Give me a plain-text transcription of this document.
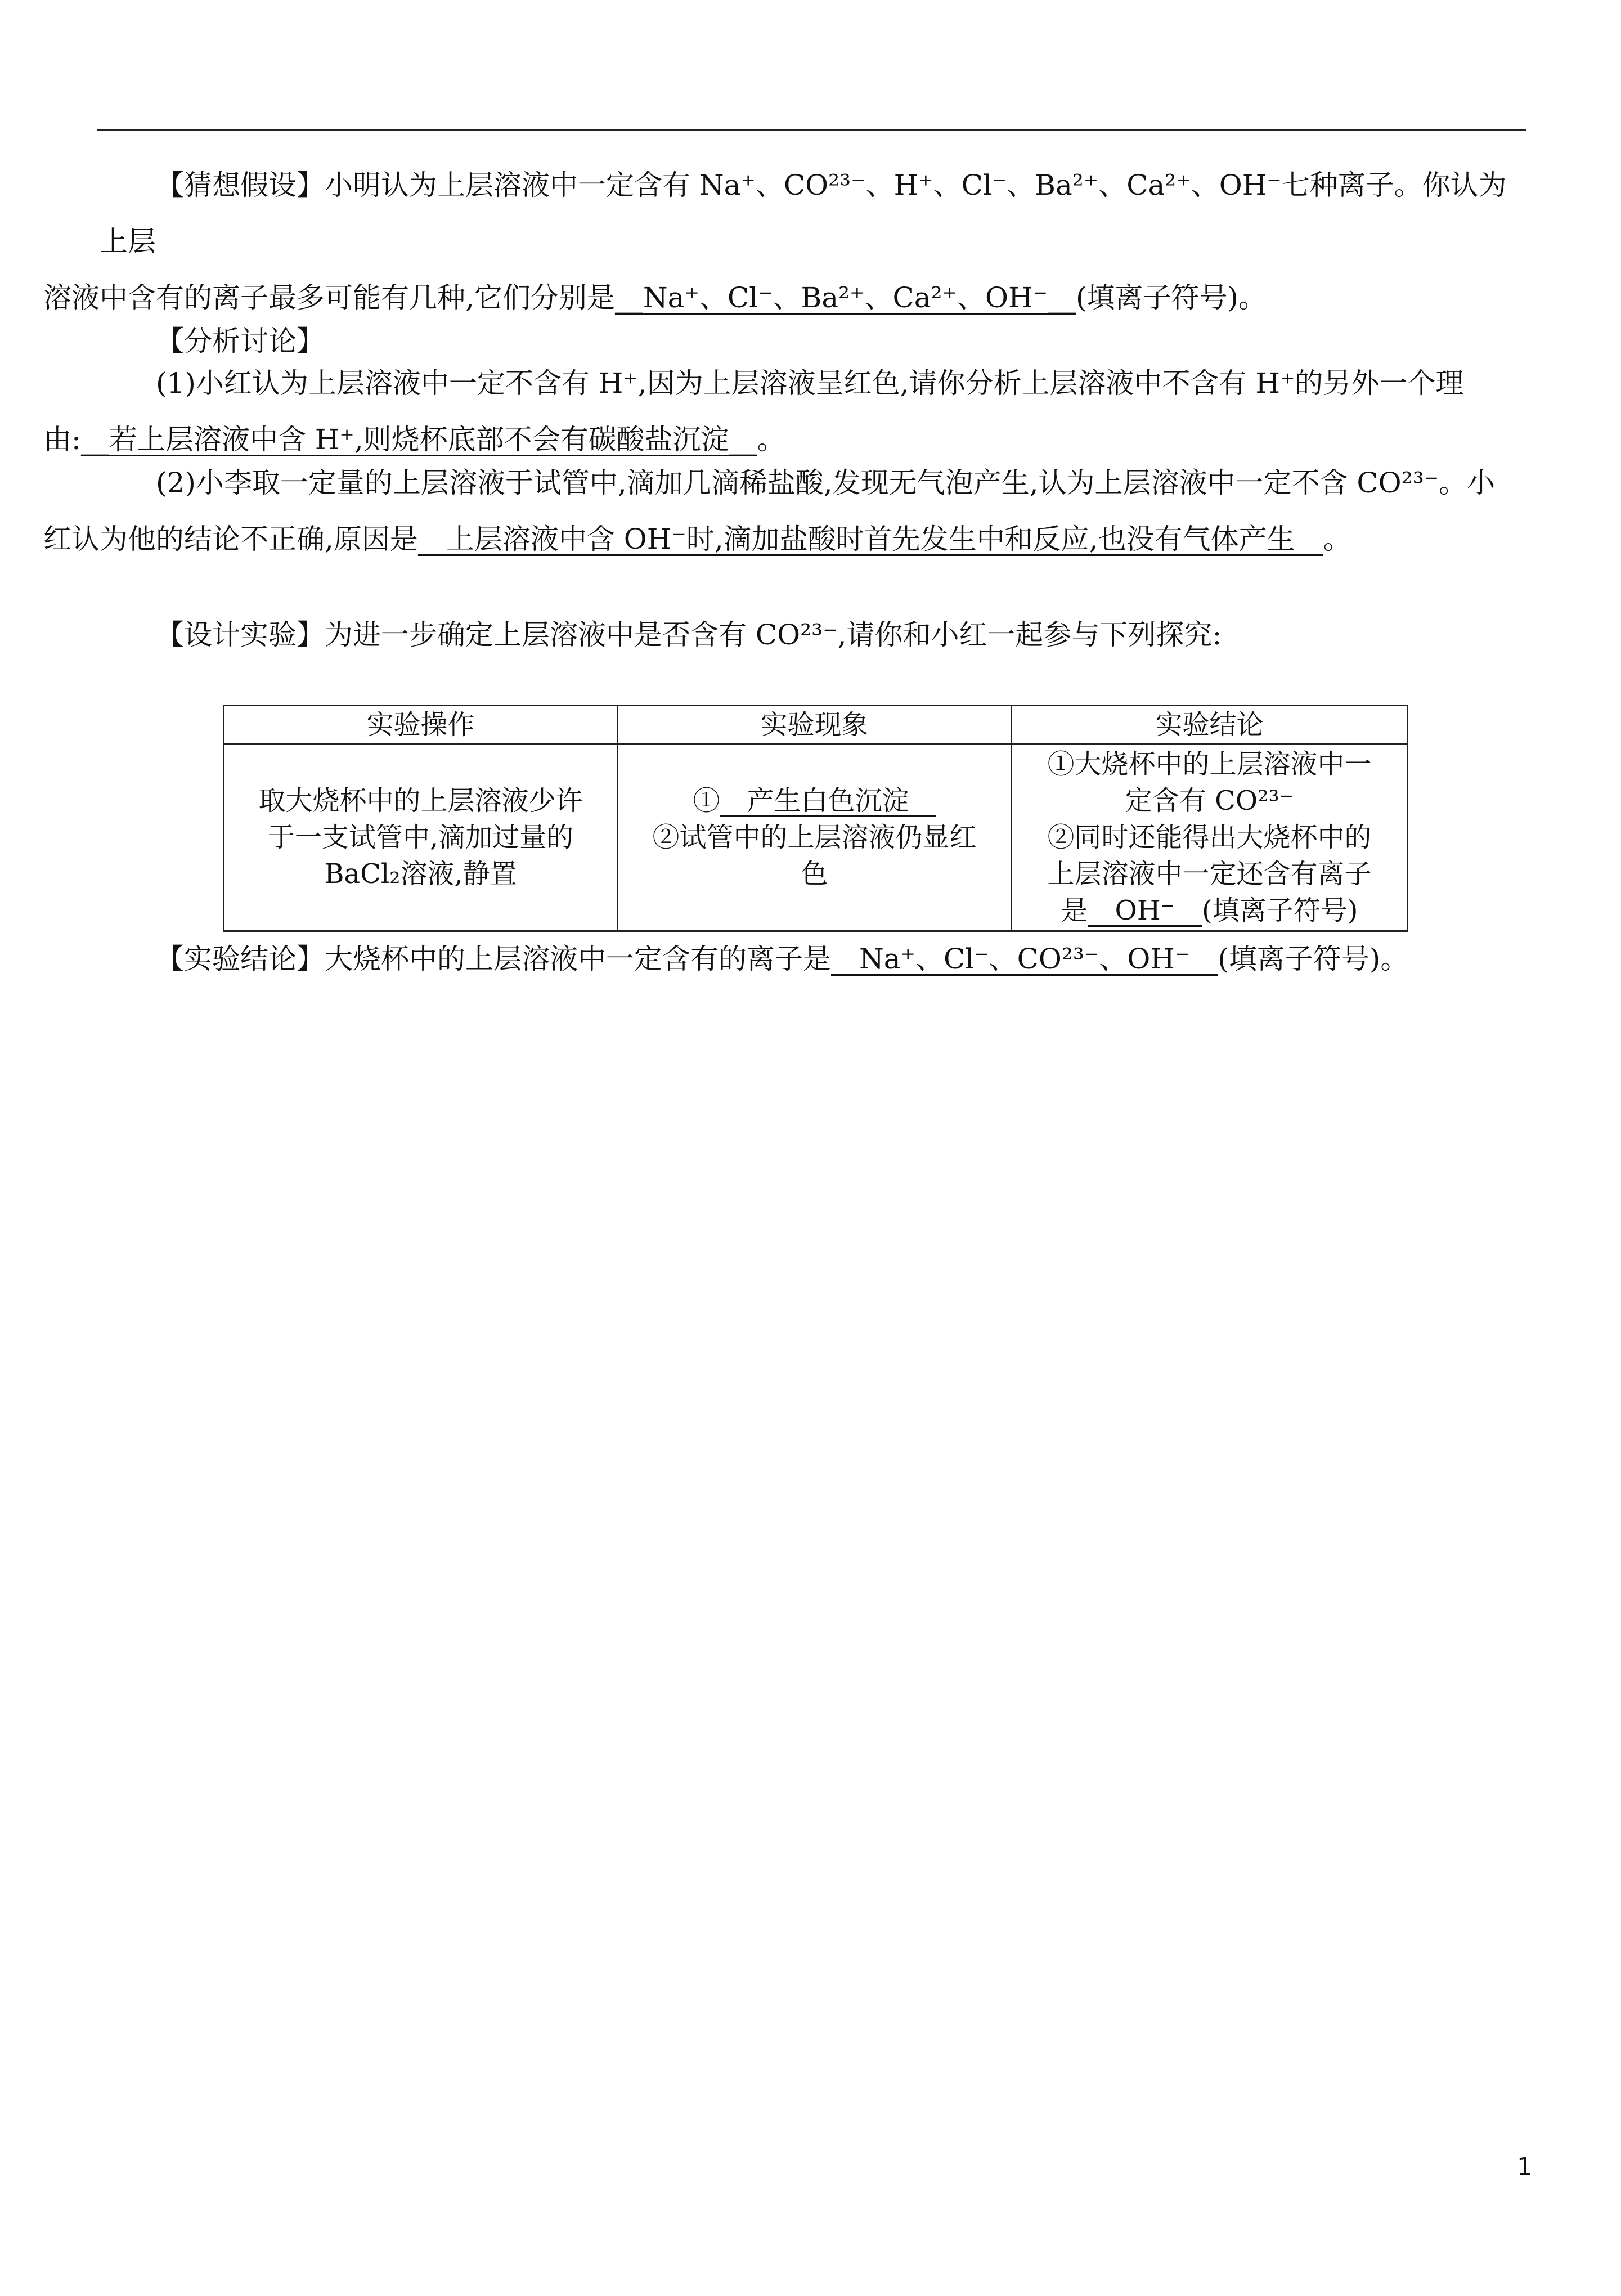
【猜想假设】小明认为上层溶液中一定含有 Na⁺、CO²³⁻、H⁺、Cl⁻、Ba²⁺、Ca²⁺、OH⁻七种离子。你认为上层
溶液中含有的离子最多可能有几种,它们分别是__Na⁺、Cl⁻、Ba²⁺、Ca²⁺、OH⁻__(填离子符号)。

【分析讨论】

(1)小红认为上层溶液中一定不含有 H⁺,因为上层溶液呈红色,请你分析上层溶液中不含有 H⁺的另外一个理
由:__若上层溶液中含 H⁺,则烧杯底部不会有碳酸盐沉淀__。

(2)小李取一定量的上层溶液于试管中,滴加几滴稀盐酸,发现无气泡产生,认为上层溶液中一定不含 CO²³⁻。小
红认为他的结论不正确,原因是__上层溶液中含 OH⁻时,滴加盐酸时首先发生中和反应,也没有气体产生__。

【设计实验】为进一步确定上层溶液中是否含有 CO²³⁻,请你和小红一起参与下列探究:

实验操作	实验现象	实验结论

取大烧杯中的上层溶液少许
于一支试管中,滴加过量的
BaCl₂溶液,静置	①__产生白色沉淀__
②试管中的上层溶液仍显红
色	①大烧杯中的上层溶液中一
定含有 CO²³⁻
②同时还能得出大烧杯中的
上层溶液中一定还含有离子
是__OH⁻__(填离子符号)

【实验结论】大烧杯中的上层溶液中一定含有的离子是__Na⁺、Cl⁻、CO²³⁻、OH⁻__(填离子符号)。

1
